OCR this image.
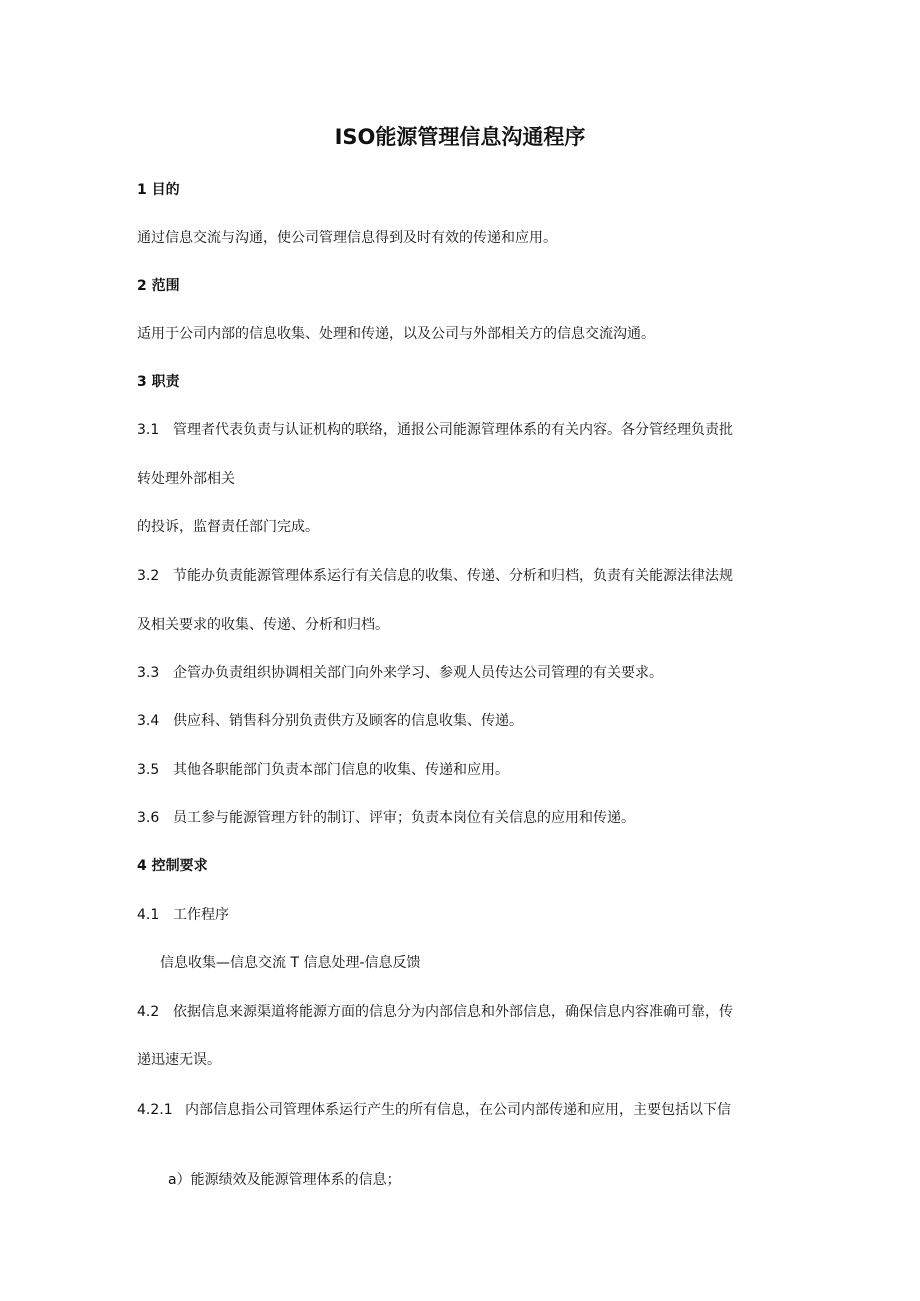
ISO能源管理信息沟通程序
1 目的
通过信息交流与沟通，使公司管理信息得到及时有效的传递和应用。
2 范围
适用于公司内部的信息收集、处理和传递，以及公司与外部相关方的信息交流沟通。
3 职责
3.1 管理者代表负责与认证机构的联络，通报公司能源管理体系的有关内容。各分管经理负责批
转处理外部相关
的投诉，监督责任部门完成。
3.2 节能办负责能源管理体系运行有关信息的收集、传递、分析和归档，负责有关能源法律法规
及相关要求的收集、传递、分析和归档。
3.3 企管办负责组织协调相关部门向外来学习、参观人员传达公司管理的有关要求。
3.4 供应科、销售科分别负责供方及顾客的信息收集、传递。
3.5 其他各职能部门负责本部门信息的收集、传递和应用。
3.6 员工参与能源管理方针的制订、评审；负责本岗位有关信息的应用和传递。
4 控制要求
4.1 工作程序
信息收集—信息交流 T 信息处理-信息反馈
4.2 依据信息来源渠道将能源方面的信息分为内部信息和外部信息，确保信息内容准确可靠，传
递迅速无误。
4.2.1 内部信息指公司管理体系运行产生的所有信息，在公司内部传递和应用，主要包括以下信
a）能源绩效及能源管理体系的信息；
